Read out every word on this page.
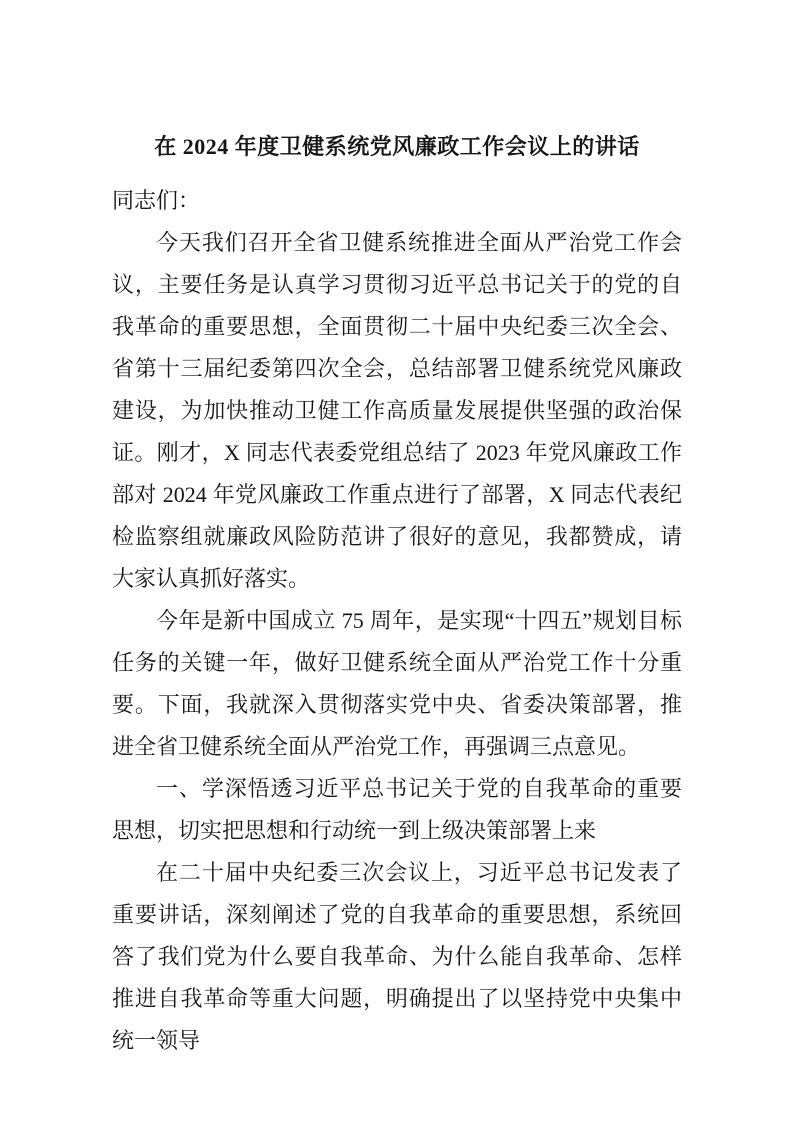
在 2024 年度卫健系统党风廉政工作会议上的讲话

同志们：

今天我们召开全省卫健系统推进全面从严治党工作会议，主要任务是认真学习贯彻习近平总书记关于的党的自我革命的重要思想，全面贯彻二十届中央纪委三次全会、省第十三届纪委第四次全会，总结部署卫健系统党风廉政建设，为加快推动卫健工作高质量发展提供坚强的政治保证。刚才，X 同志代表委党组总结了 2023 年党风廉政工作部对 2024 年党风廉政工作重点进行了部署，X 同志代表纪检监察组就廉政风险防范讲了很好的意见，我都赞成，请大家认真抓好落实。

今年是新中国成立 75 周年，是实现“十四五”规划目标任务的关键一年，做好卫健系统全面从严治党工作十分重要。下面，我就深入贯彻落实党中央、省委决策部署，推进全省卫健系统全面从严治党工作，再强调三点意见。

一、学深悟透习近平总书记关于党的自我革命的重要思想，切实把思想和行动统一到上级决策部署上来

在二十届中央纪委三次会议上，习近平总书记发表了重要讲话，深刻阐述了党的自我革命的重要思想，系统回答了我们党为什么要自我革命、为什么能自我革命、怎样推进自我革命等重大问题，明确提出了以坚持党中央集中统一领导
